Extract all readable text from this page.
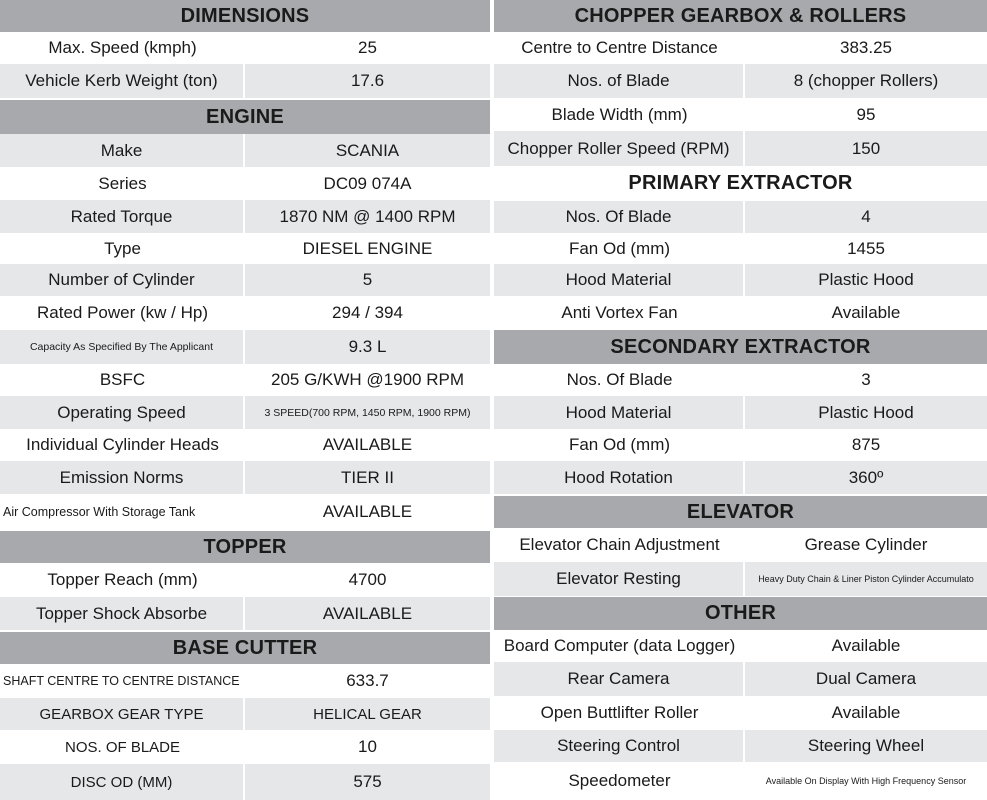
DIMENSIONS
Max. Speed (kmph)	25
Vehicle Kerb Weight (ton)	17.6
ENGINE
Make	SCANIA
Series	DC09 074A
Rated Torque	1870 NM @ 1400 RPM
Type	DIESEL ENGINE
Number of Cylinder	5
Rated Power (kw / Hp)	294 / 394
Capacity As Specified By The Applicant	9.3 L
BSFC	205 G/KWH @1900 RPM
Operating Speed	3 SPEED(700 RPM, 1450 RPM, 1900 RPM)
Individual Cylinder Heads	AVAILABLE
Emission Norms	TIER II
Air Compressor With Storage Tank	AVAILABLE
TOPPER
Topper Reach (mm)	4700
Topper Shock Absorbe	AVAILABLE
BASE CUTTER
SHAFT CENTRE TO CENTRE DISTANCE	633.7
GEARBOX GEAR TYPE	HELICAL GEAR
NOS. OF BLADE	10
DISC OD (MM)	575
CHOPPER GEARBOX & ROLLERS
Centre to Centre Distance	383.25
Nos. of Blade	8 (chopper Rollers)
Blade Width (mm)	95
Chopper Roller Speed (RPM)	150
PRIMARY EXTRACTOR
Nos. Of Blade	4
Fan Od (mm)	1455
Hood Material	Plastic Hood
Anti Vortex Fan	Available
SECONDARY EXTRACTOR
Nos. Of Blade	3
Hood Material	Plastic Hood
Fan Od (mm)	875
Hood Rotation	360º
ELEVATOR
Elevator Chain Adjustment	Grease Cylinder
Elevator Resting	Heavy Duty Chain & Liner Piston Cylinder Accumulato
OTHER
Board Computer (data Logger)	Available
Rear Camera	Dual Camera
Open Buttlifter Roller	Available
Steering Control	Steering Wheel
Speedometer	Available On Display With High Frequency Sensor
